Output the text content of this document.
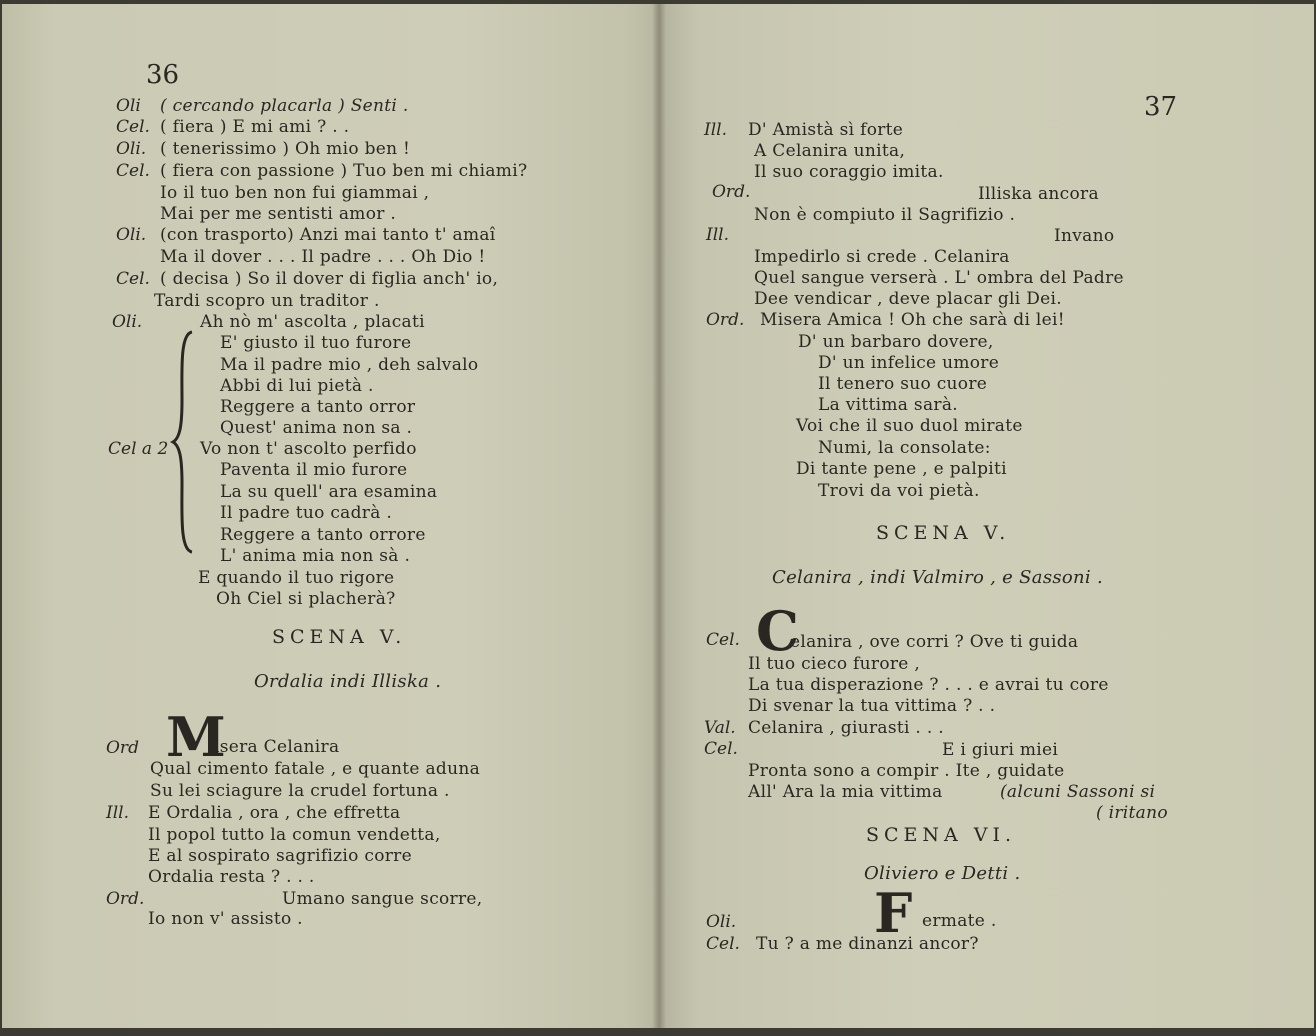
36
Oli ( cercando placarla ) Senti .
Cel. ( fiera ) E mi ami ? . .
Oli. ( tenerissimo ) Oh mio ben !
Cel. ( fiera con passione ) Tuo ben mi chiami?
Io il tuo ben non fui giammai ,
Mai per me sentisti amor .
Oli. (con trasporto) Anzi mai tanto t' amaî
Ma il dover . . . Il padre . . . Oh Dio !
Cel. ( decisa ) So il dover di figlia anch' io,
Tardi scopro un traditor .
Oli.
Cel a 2
Ah nò m' ascolta , placati
E' giusto il tuo furore
Ma il padre mio , deh salvalo
Abbi di lui pietà .
Reggere a tanto orror
Quest' anima non sa .
Vo non t' ascolto perfido
Paventa il mio furore
La su quell' ara esamina
Il padre tuo cadrà .
Reggere a tanto orrore
L' anima mia non sà .
E quando il tuo rigore
Oh Ciel si placherà?
SCENA V.
Ordalia indi Illiska .
Ord M
isera Celanira
Qual cimento fatale , e quante aduna
Su lei sciagure la crudel fortuna .
Ill. E Ordalia , ora , che effretta
Il popol tutto la comun vendetta,
E al sospirato sagrifizio corre
Ordalia resta ? . . .
Ord.	Umano sangue scorre,
Io non v' assisto .
37
Ill. D' Amistà sì forte
A Celanira unita,
Il suo coraggio imita.
Ord.	Illiska ancora
Non è compiuto il Sagrifizio .
Ill.	Invano
Impedirlo si crede . Celanira
Quel sangue verserà . L' ombra del Padre
Dee vendicar , deve placar gli Dei.
Ord. Misera Amica ! Oh che sarà di lei!
D' un barbaro dovere,
D' un infelice umore
Il tenero suo cuore
La vittima sarà.
Voi che il suo duol mirate
Numi, la consolate:
Di tante pene , e palpiti
Trovi da voi pietà.
SCENA V.
Celanira , indi Valmiro , e Sassoni .
Cel. C
elanira , ove corri ? Ove ti guida
Il tuo cieco furore ,
La tua disperazione ? . . . e avrai tu core
Di svenar la tua vittima ? . .
Val. Celanira , giurasti . . .
Cel.	E i giuri miei
Pronta sono a compir . Ite , guidate
All' Ara la mia vittima	(alcuni Sassoni si
( iritano
SCENA VI.
Oliviero e Detti .
Oli.	F ermate .
Cel. Tu ? a me dinanzi ancor?
